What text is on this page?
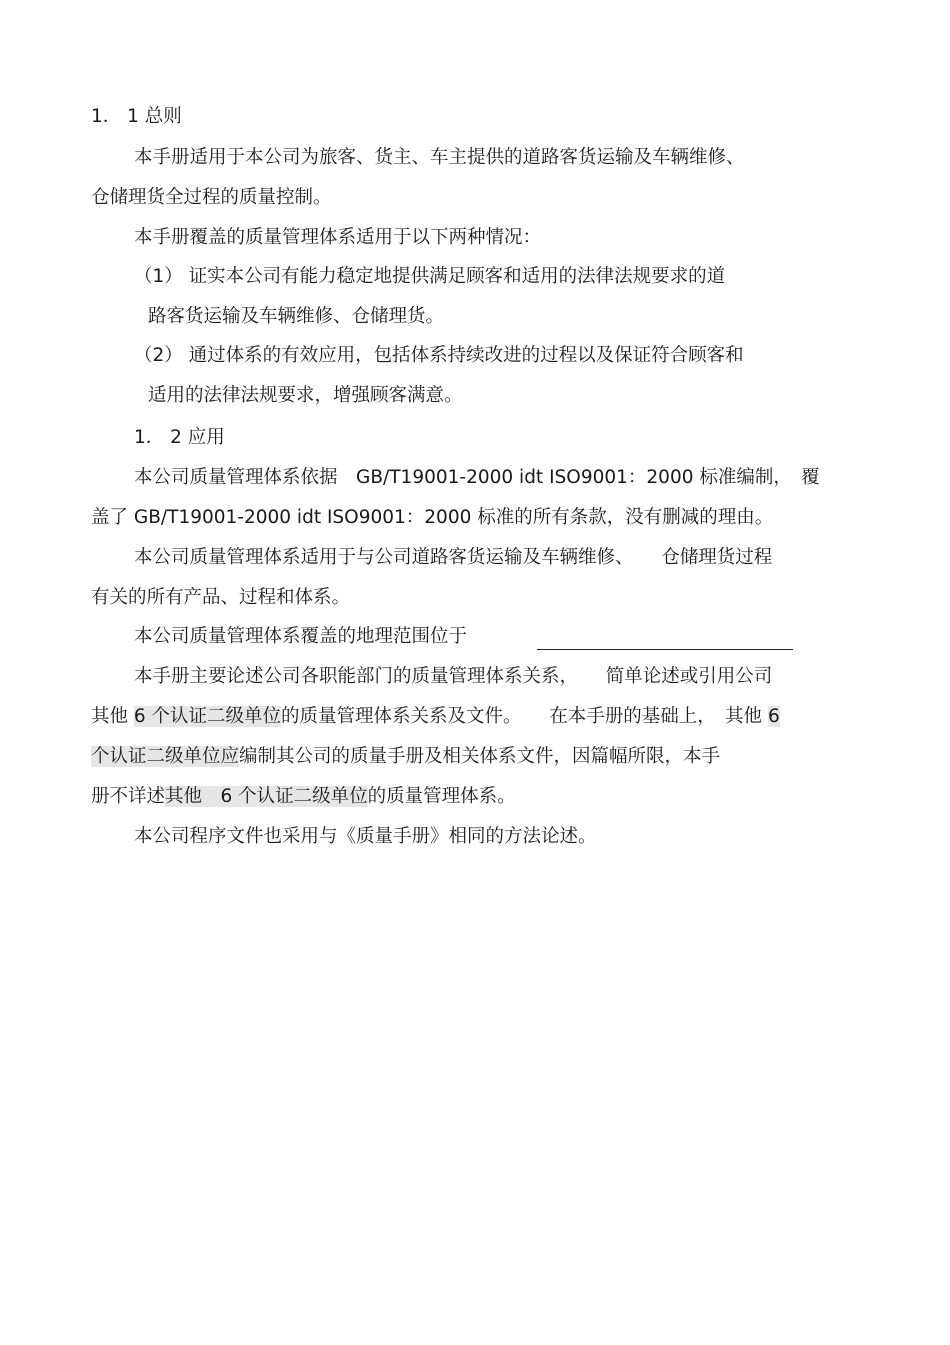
1． 1 总则
本手册适用于本公司为旅客、货主、车主提供的道路客货运输及车辆维修、
仓储理货全过程的质量控制。
本手册覆盖的质量管理体系适用于以下两种情况：
（1） 证实本公司有能力稳定地提供满足顾客和适用的法律法规要求的道
路客货运输及车辆维修、仓储理货。
（2） 通过体系的有效应用，包括体系持续改进的过程以及保证符合顾客和
适用的法律法规要求，增强顾客满意。
1． 2 应用
本公司质量管理体系依据　GB/T19001-2000 idt ISO9001：2000 标准编制，　覆
盖了 GB/T19001-2000 idt ISO9001：2000 标准的所有条款，没有删减的理由。
本公司质量管理体系适用于与公司道路客货运输及车辆维修、　　仓储理货过程
有关的所有产品、过程和体系。
本公司质量管理体系覆盖的地理范围位于
本手册主要论述公司各职能部门的质量管理体系关系，　　简单论述或引用公司
其他 6 个认证二级单位的质量管理体系关系及文件。　　在本手册的基础上，　其他 6
个认证二级单位应编制其公司的质量手册及相关体系文件，因篇幅所限，本手
册不详述其他　6 个认证二级单位的质量管理体系。
本公司程序文件也采用与《质量手册》相同的方法论述。
